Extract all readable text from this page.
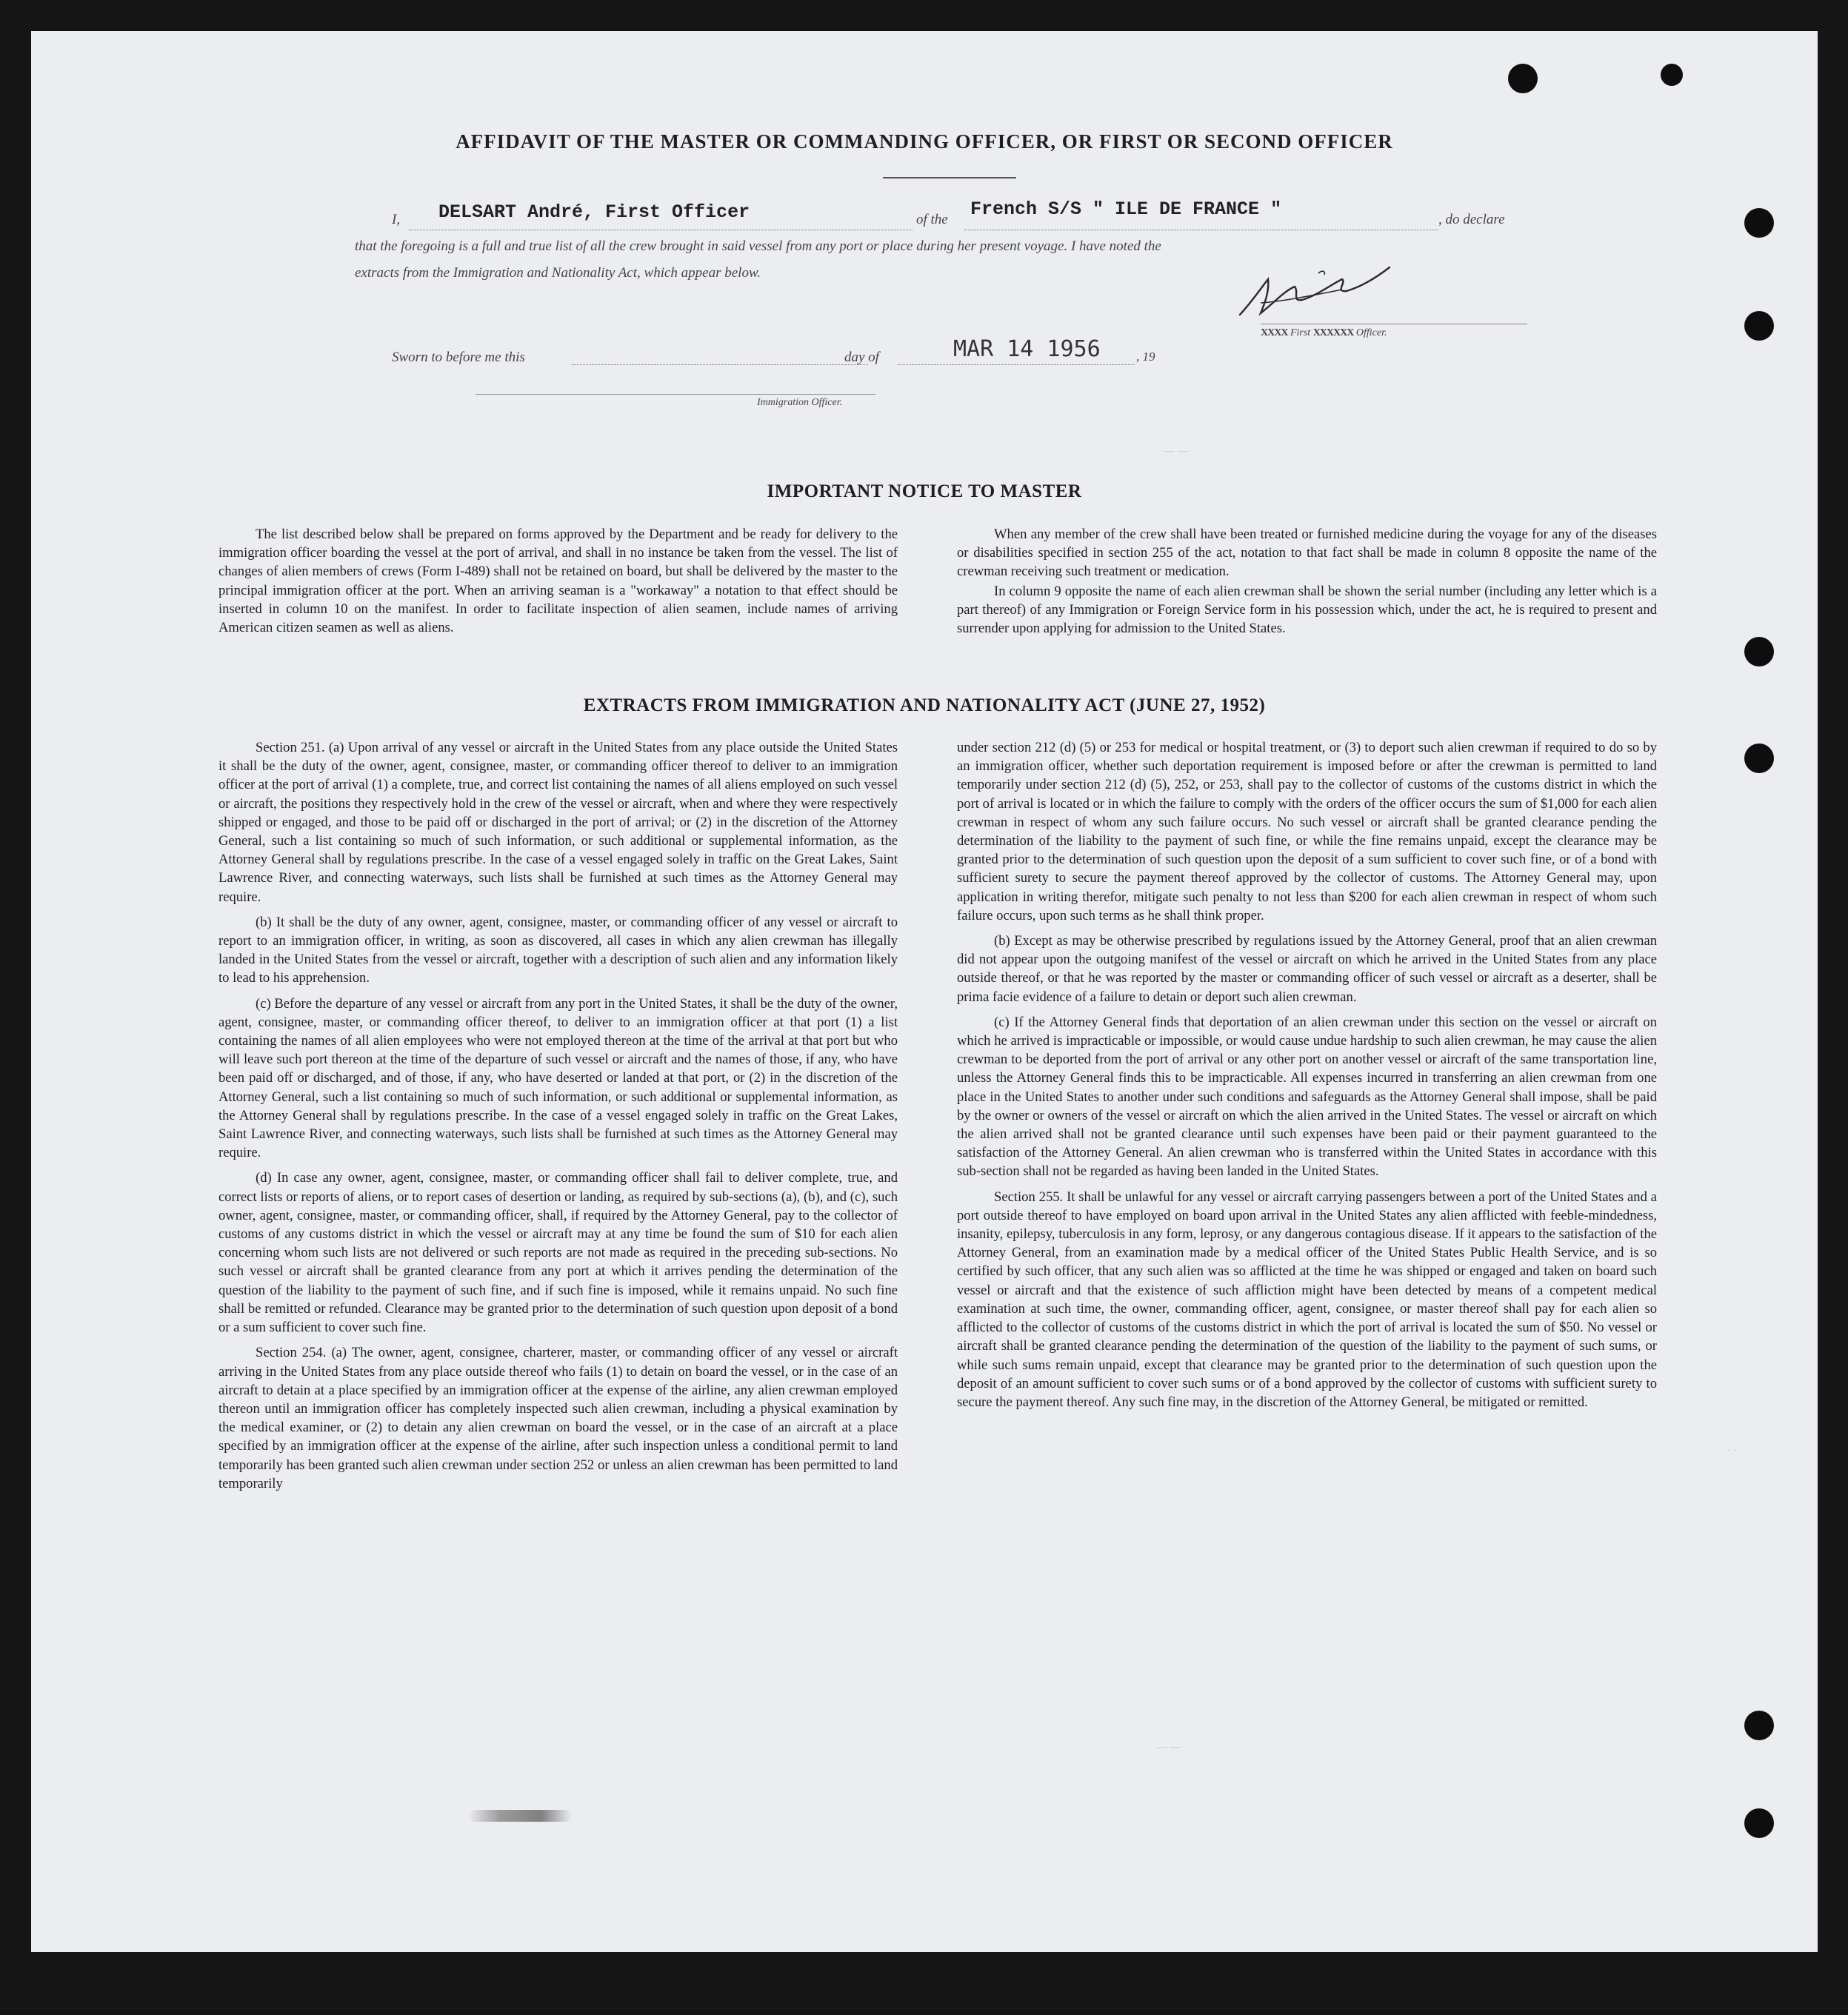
AFFIDAVIT OF THE MASTER OR COMMANDING OFFICER, OR FIRST OR SECOND OFFICER
I, DELSART André, First Officer	of the French S/S " ILE DE FRANCE "	, do declare
that the foregoing is a full and true list of all the crew brought in said vessel from any port or place during her present voyage. I have noted the
extracts from the Immigration and Nationality Act, which appear below.
XXXX First XXXXXX Officer.
Sworn to before me this	day of	MAR 14 1956	, 19
Immigration Officer.
IMPORTANT NOTICE TO MASTER

The list described below shall be prepared on forms approved by the Department and be ready for delivery to the immigration officer boarding the vessel at the port of arrival, and shall in no instance be taken from the vessel. The list of changes of alien members of crews (Form I-489) shall not be retained on board, but shall be delivered by the master to the principal immigration officer at the port. When an arriving seaman is a "workaway" a notation to that effect should be inserted in column 10 on the manifest. In order to facilitate inspection of alien seamen, include names of arriving American citizen seamen as well as aliens.

When any member of the crew shall have been treated or furnished medicine during the voyage for any of the diseases or disabilities specified in section 255 of the act, notation to that fact shall be made in column 8 opposite the name of the crewman receiving such treatment or medication.

In column 9 opposite the name of each alien crewman shall be shown the serial number (including any letter which is a part thereof) of any Immigration or Foreign Service form in his possession which, under the act, he is required to present and surrender upon applying for admission to the United States.

EXTRACTS FROM IMMIGRATION AND NATIONALITY ACT (JUNE 27, 1952)

Section 251. (a) Upon arrival of any vessel or aircraft in the United States from any place outside the United States it shall be the duty of the owner, agent, consignee, master, or commanding officer thereof to deliver to an immigration officer at the port of arrival (1) a complete, true, and correct list containing the names of all aliens employed on such vessel or aircraft, the positions they respectively hold in the crew of the vessel or aircraft, when and where they were respectively shipped or engaged, and those to be paid off or discharged in the port of arrival; or (2) in the discretion of the Attorney General, such a list containing so much of such information, or such additional or supplemental information, as the Attorney General shall by regulations prescribe. In the case of a vessel engaged solely in traffic on the Great Lakes, Saint Lawrence River, and connecting waterways, such lists shall be furnished at such times as the Attorney General may require.

(b) It shall be the duty of any owner, agent, consignee, master, or commanding officer of any vessel or aircraft to report to an immigration officer, in writing, as soon as discovered, all cases in which any alien crewman has illegally landed in the United States from the vessel or aircraft, together with a description of such alien and any information likely to lead to his apprehension.

(c) Before the departure of any vessel or aircraft from any port in the United States, it shall be the duty of the owner, agent, consignee, master, or commanding officer thereof, to deliver to an immigration officer at that port (1) a list containing the names of all alien employees who were not employed thereon at the time of the arrival at that port but who will leave such port thereon at the time of the departure of such vessel or aircraft and the names of those, if any, who have been paid off or discharged, and of those, if any, who have deserted or landed at that port, or (2) in the discretion of the Attorney General, such a list containing so much of such information, or such additional or supplemental information, as the Attorney General shall by regulations prescribe. In the case of a vessel engaged solely in traffic on the Great Lakes, Saint Lawrence River, and connecting waterways, such lists shall be furnished at such times as the Attorney General may require.

(d) In case any owner, agent, consignee, master, or commanding officer shall fail to deliver complete, true, and correct lists or reports of aliens, or to report cases of desertion or landing, as required by sub-sections (a), (b), and (c), such owner, agent, consignee, master, or commanding officer, shall, if required by the Attorney General, pay to the collector of customs of any customs district in which the vessel or aircraft may at any time be found the sum of $10 for each alien concerning whom such lists are not delivered or such reports are not made as required in the preceding sub-sections. No such vessel or aircraft shall be granted clearance from any port at which it arrives pending the determination of the question of the liability to the payment of such fine, and if such fine is imposed, while it remains unpaid. No such fine shall be remitted or refunded. Clearance may be granted prior to the determination of such question upon deposit of a bond or a sum sufficient to cover such fine.

Section 254. (a) The owner, agent, consignee, charterer, master, or commanding officer of any vessel or aircraft arriving in the United States from any place outside thereof who fails (1) to detain on board the vessel, or in the case of an aircraft to detain at a place specified by an immigration officer at the expense of the airline, any alien crewman employed thereon until an immigration officer has completely inspected such alien crewman, including a physical examination by the medical examiner, or (2) to detain any alien crewman on board the vessel, or in the case of an aircraft at a place specified by an immigration officer at the expense of the airline, after such inspection unless a conditional permit to land temporarily has been granted such alien crewman under section 252 or unless an alien crewman has been permitted to land temporarily

under section 212 (d) (5) or 253 for medical or hospital treatment, or (3) to deport such alien crewman if required to do so by an immigration officer, whether such deportation requirement is imposed before or after the crewman is permitted to land temporarily under section 212 (d) (5), 252, or 253, shall pay to the collector of customs of the customs district in which the port of arrival is located or in which the failure to comply with the orders of the officer occurs the sum of $1,000 for each alien crewman in respect of whom any such failure occurs. No such vessel or aircraft shall be granted clearance pending the determination of the liability to the payment of such fine, or while the fine remains unpaid, except the clearance may be granted prior to the determination of such question upon the deposit of a sum sufficient to cover such fine, or of a bond with sufficient surety to secure the payment thereof approved by the collector of customs. The Attorney General may, upon application in writing therefor, mitigate such penalty to not less than $200 for each alien crewman in respect of whom such failure occurs, upon such terms as he shall think proper.

(b) Except as may be otherwise prescribed by regulations issued by the Attorney General, proof that an alien crewman did not appear upon the outgoing manifest of the vessel or aircraft on which he arrived in the United States from any place outside thereof, or that he was reported by the master or commanding officer of such vessel or aircraft as a deserter, shall be prima facie evidence of a failure to detain or deport such alien crewman.

(c) If the Attorney General finds that deportation of an alien crewman under this section on the vessel or aircraft on which he arrived is impracticable or impossible, or would cause undue hardship to such alien crewman, he may cause the alien crewman to be deported from the port of arrival or any other port on another vessel or aircraft of the same transportation line, unless the Attorney General finds this to be impracticable. All expenses incurred in transferring an alien crewman from one place in the United States to another under such conditions and safeguards as the Attorney General shall impose, shall be paid by the owner or owners of the vessel or aircraft on which the alien arrived in the United States. The vessel or aircraft on which the alien arrived shall not be granted clearance until such expenses have been paid or their payment guaranteed to the satisfaction of the Attorney General. An alien crewman who is transferred within the United States in accordance with this sub-section shall not be regarded as having been landed in the United States.

Section 255. It shall be unlawful for any vessel or aircraft carrying passengers between a port of the United States and a port outside thereof to have employed on board upon arrival in the United States any alien afflicted with feeble-mindedness, insanity, epilepsy, tuberculosis in any form, leprosy, or any dangerous contagious disease. If it appears to the satisfaction of the Attorney General, from an examination made by a medical officer of the United States Public Health Service, and is so certified by such officer, that any such alien was so afflicted at the time he was shipped or engaged and taken on board such vessel or aircraft and that the existence of such affliction might have been detected by means of a competent medical examination at such time, the owner, commanding officer, agent, consignee, or master thereof shall pay for each alien so afflicted to the collector of customs of the customs district in which the port of arrival is located the sum of $50. No vessel or aircraft shall be granted clearance pending the determination of the question of the liability to the payment of such sums, or while such sums remain unpaid, except that clearance may be granted prior to the determination of such question upon the deposit of an amount sufficient to cover such sums or of a bond approved by the collector of customs with sufficient surety to secure the payment thereof. Any such fine may, in the discretion of the Attorney General, be mitigated or remitted.

· ·
— —
— —
